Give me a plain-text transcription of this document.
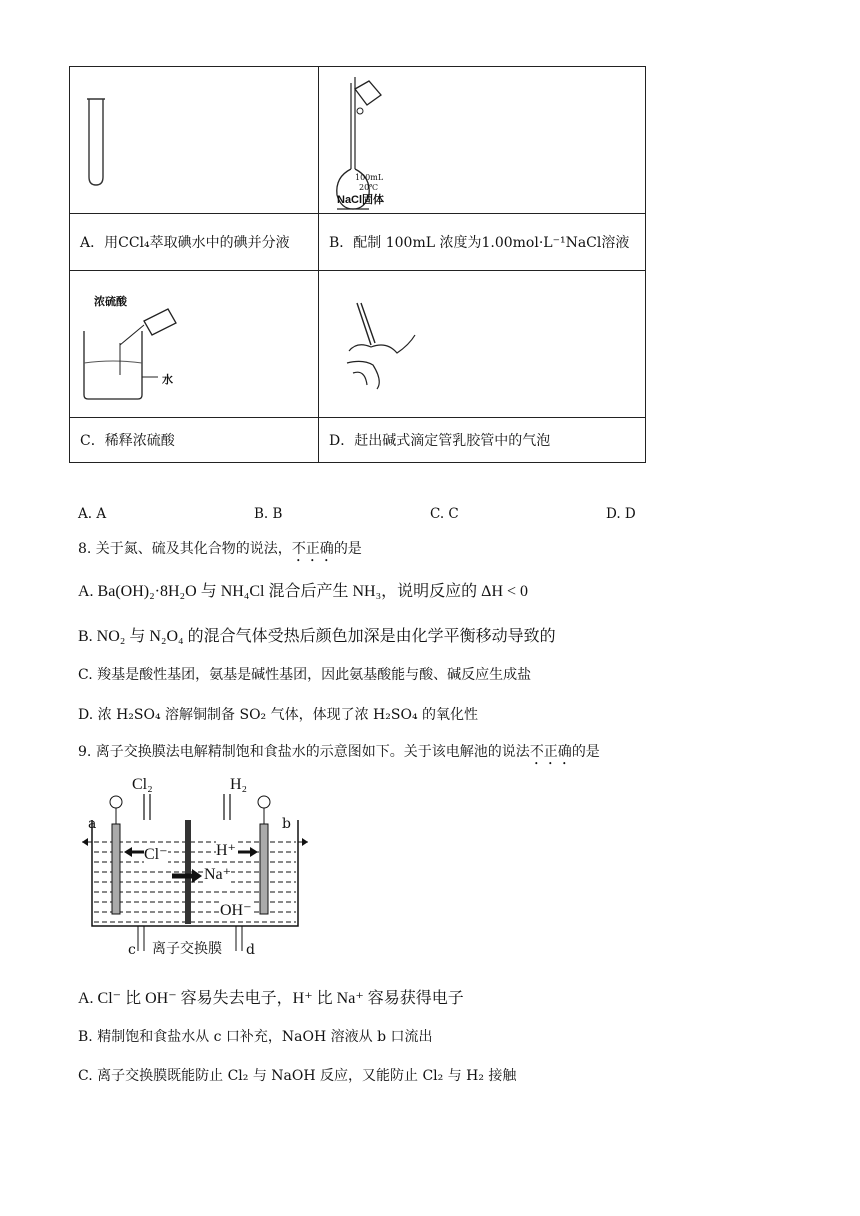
100mL
20℃
NaCl固体

A．用CCl₄萃取碘水中的碘并分液	B．配制 100mL 浓度为1.00mol·L⁻¹NaCl溶液

浓硫酸
水

C．稀释浓硫酸	D．赶出碱式滴定管乳胶管中的气泡
A. A	B. B	C. C	D. D
8. 关于氮、硫及其化合物的说法，不正确的是
A. Ba(OH)₂·8H₂O 与 NH₄Cl 混合后产生 NH₃，说明反应的 ΔH < 0
B. NO₂ 与 N₂O₄ 的混合气体受热后颜色加深是由化学平衡移动导致的
C. 羧基是酸性基团，氨基是碱性基团，因此氨基酸能与酸、碱反应生成盐
D. 浓 H₂SO₄ 溶解铜制备 SO₂ 气体，体现了浓 H₂SO₄ 的氧化性
9. 离子交换膜法电解精制饱和食盐水的示意图如下。关于该电解池的说法不正确的是
Cl₂	H₂
a	b
Cl⁻	H⁺
Na⁺
OH⁻
c 离子交换膜 d
A. Cl⁻ 比 OH⁻ 容易失去电子，H⁺ 比 Na⁺ 容易获得电子
B. 精制饱和食盐水从 c 口补充，NaOH 溶液从 b 口流出
C. 离子交换膜既能防止 Cl₂ 与 NaOH 反应，又能防止 Cl₂ 与 H₂ 接触
